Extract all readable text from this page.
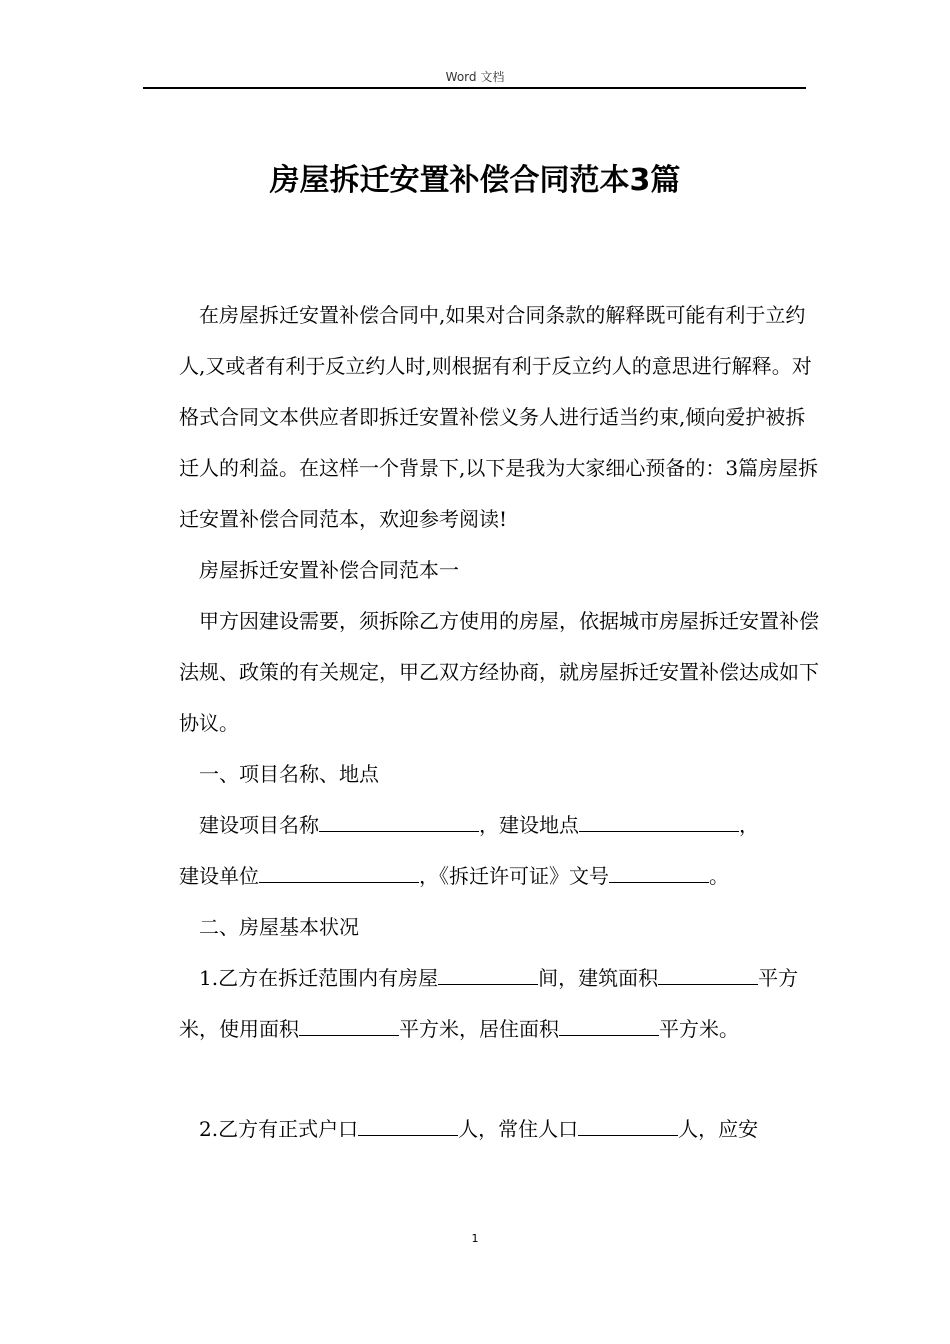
Word 文档
房屋拆迁安置补偿合同范本3篇

在房屋拆迁安置补偿合同中,如果对合同条款的解释既可能有利于立约人,又或者有利于反立约人时,则根据有利于反立约人的意思进行解释。对格式合同文本供应者即拆迁安置补偿义务人进行适当约束,倾向爱护被拆迁人的利益。在这样一个背景下,以下是我为大家细心预备的：3篇房屋拆迁安置补偿合同范本，欢迎参考阅读!

房屋拆迁安置补偿合同范本一

甲方因建设需要，须拆除乙方使用的房屋，依据城市房屋拆迁安置补偿法规、政策的有关规定，甲乙双方经协商，就房屋拆迁安置补偿达成如下协议。

一、项目名称、地点

建设项目名称	，建设地点	，

建设单位	，《拆迁许可证》文号	。

二、房屋基本状况

1.乙方在拆迁范围内有房屋	间，建筑面积	平方米，使用面积	平方米，居住面积	平方米。

2.乙方有正式户口	人，常住人口	人，应安

1
